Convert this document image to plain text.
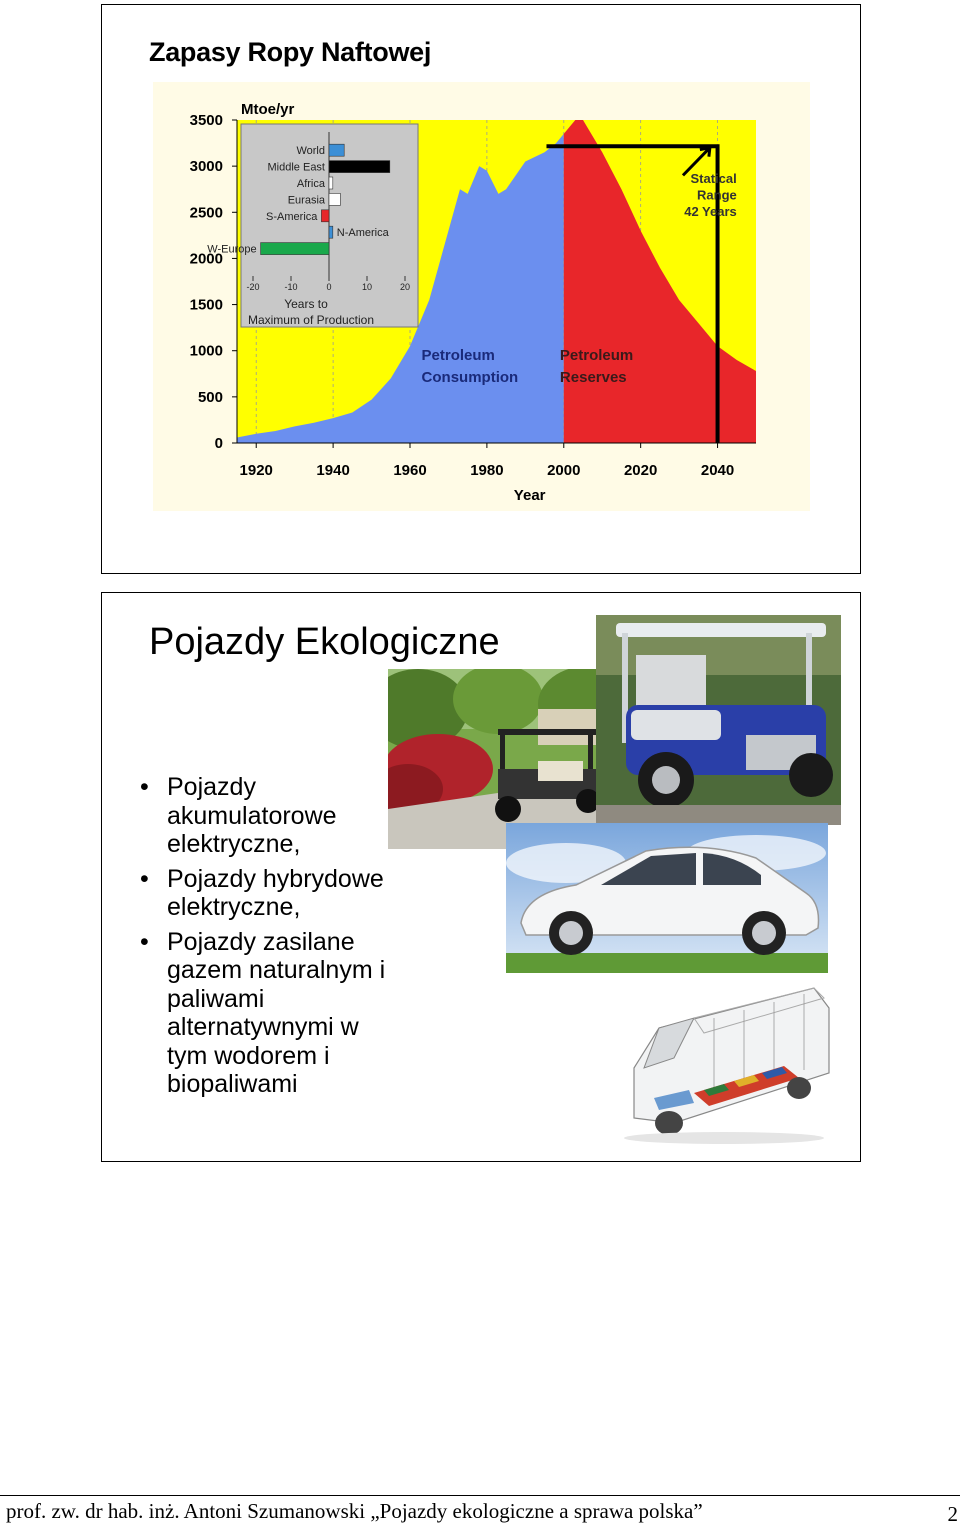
Zapasy Ropy Naftowej
3500
3000
2500
2000
1500
1000
500
0
1920	1940	1960	1980	2000	2020	2040
Mtoe/yr
Year
Petroleum
Consumption
Petroleum
Reserves
Statical
Range
42 Years
World
Middle East
Africa
Eurasia
S-America
N-America
W-Europe
-20	-10	0	10	20
Years to
Maximum of Production
Pojazdy Ekologiczne
• Pojazdy
akumulatorowe
elektryczne,
• Pojazdy hybrydowe
elektryczne,
• Pojazdy zasilane
gazem naturalnym i
paliwami
alternatywnymi w
tym wodorem i
biopaliwami
prof. zw. dr hab. inż. Antoni Szumanowski „Pojazdy ekologiczne a sprawa polska”	2
